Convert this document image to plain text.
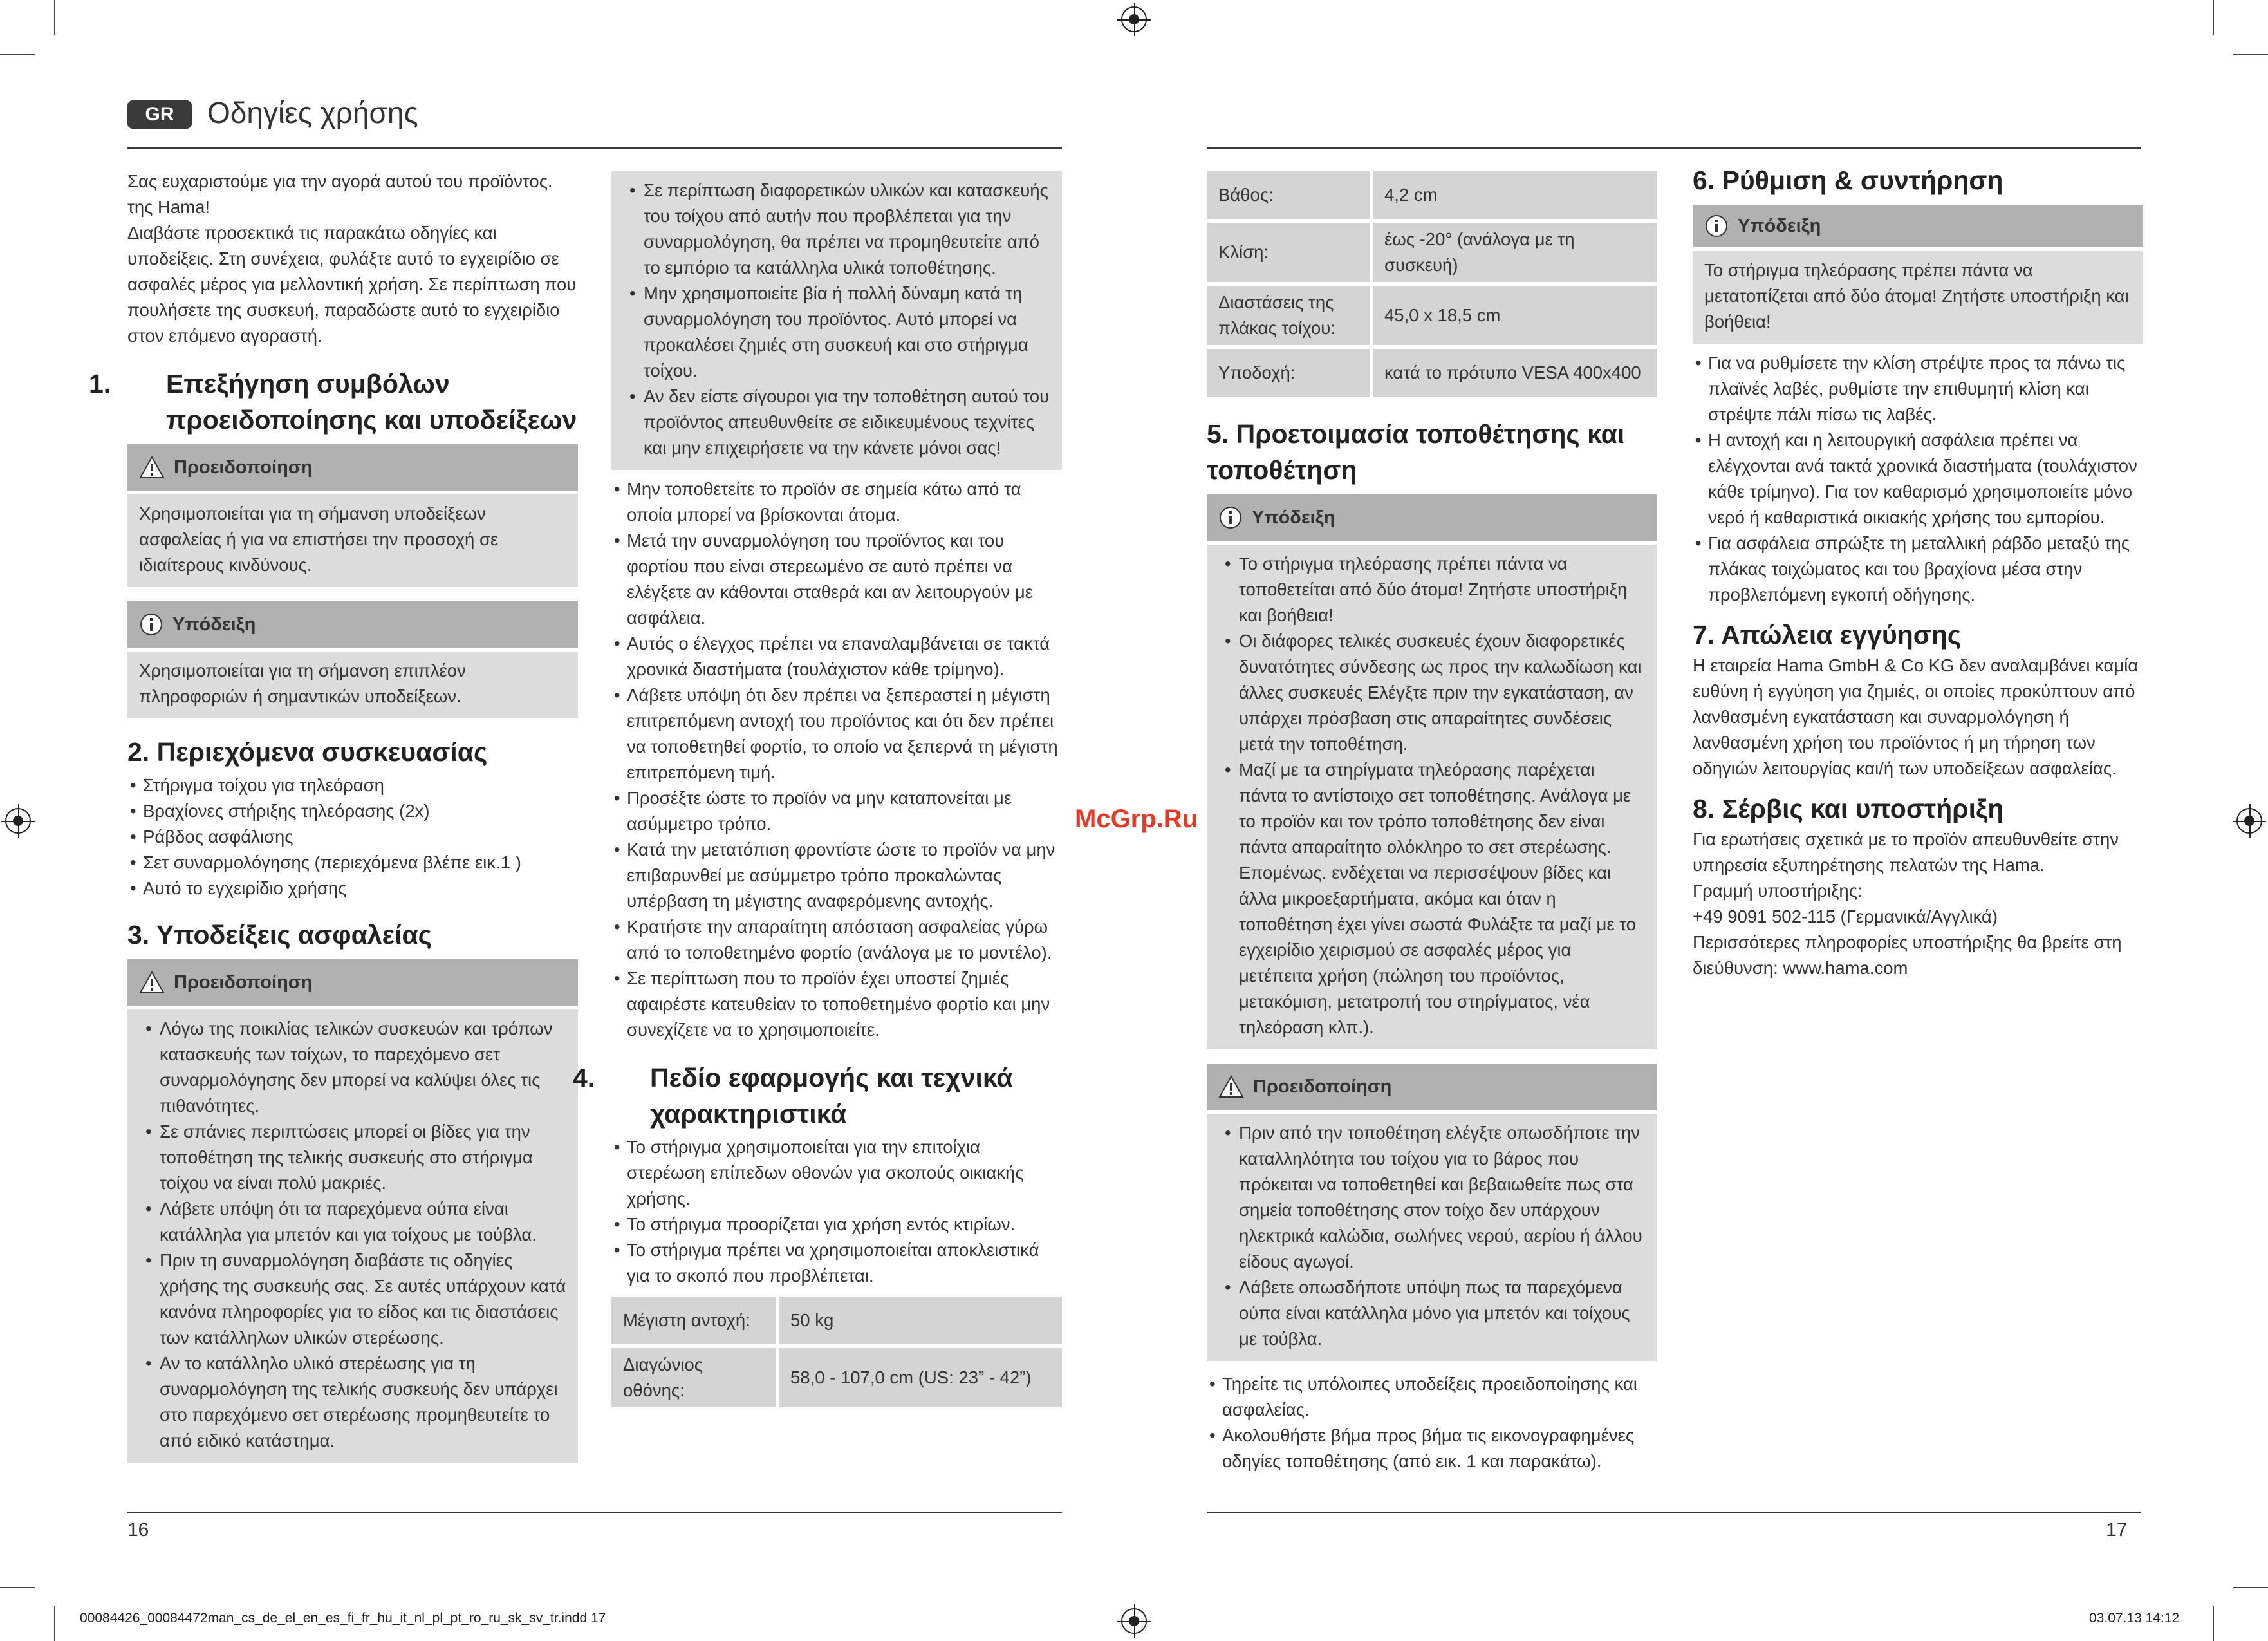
GR	Οδηγίες χρήσης

Σας ευχαριστούμε για την αγορά αυτού του προϊόντος. της Hama!
Διαβάστε προσεκτικά τις παρακάτω οδηγίες και υποδείξεις. Στη συνέχεια, φυλάξτε αυτό το εγχειρίδιο σε ασφαλές μέρος για μελλοντική χρήση. Σε περίπτωση που πουλήσετε της συσκευή, παραδώστε αυτό το εγχειρίδιο στον επόμενο αγοραστή.

1. Επεξήγηση συμβόλων προειδοποίησης και υποδείξεων
Προειδοποίηση

Χρησιμοποιείται για τη σήμανση υποδείξεων ασφαλείας ή για να επιστήσει την προσοχή σε ιδιαίτερους κινδύνους.

Υπόδειξη

Χρησιμοποιείται για τη σήμανση επιπλέον πληροφοριών ή σημαντικών υποδείξεων.

2. Περιεχόμενα συσκευασίας
• Στήριγμα τοίχου για τηλεόραση
• Βραχίονες στήριξης τηλεόρασης (2x)
• Ράβδος ασφάλισης
• Σετ συναρμολόγησης (περιεχόμενα βλέπε εικ.1 )
• Αυτό το εγχειρίδιο χρήσης
3. Υποδείξεις ασφαλείας
Προειδοποίηση
• Λόγω της ποικιλίας τελικών συσκευών και τρόπων κατασκευής των τοίχων, το παρεχόμενο σετ συναρμολόγησης δεν μπορεί να καλύψει όλες τις πιθανότητες.
• Σε σπάνιες περιπτώσεις μπορεί οι βίδες για την τοποθέτηση της τελικής συσκευής στο στήριγμα τοίχου να είναι πολύ μακριές.
• Λάβετε υπόψη ότι τα παρεχόμενα ούπα είναι κατάλληλα για μπετόν και για τοίχους με τούβλα.
• Πριν τη συναρμολόγηση διαβάστε τις οδηγίες χρήσης της συσκευής σας. Σε αυτές υπάρχουν κατά κανόνα πληροφορίες για το είδος και τις διαστάσεις των κατάλληλων υλικών στερέωσης.
• Αν το κατάλληλο υλικό στερέωσης για τη συναρμολόγηση της τελικής συσκευής δεν υπάρχει στο παρεχόμενο σετ στερέωσης προμηθευτείτε το από ειδικό κατάστημα.
• Σε περίπτωση διαφορετικών υλικών και κατασκευής του τοίχου από αυτήν που προβλέπεται για την συναρμολόγηση, θα πρέπει να προμηθευτείτε από το εμπόριο τα κατάλληλα υλικά τοποθέτησης.
• Μην χρησιμοποιείτε βία ή πολλή δύναμη κατά τη συναρμολόγηση του προϊόντος. Αυτό μπορεί να προκαλέσει ζημιές στη συσκευή και στο στήριγμα τοίχου.
• Αν δεν είστε σίγουροι για την τοποθέτηση αυτού του προϊόντος απευθυνθείτε σε ειδικευμένους τεχνίτες και μην επιχειρήσετε να την κάνετε μόνοι σας!
• Μην τοποθετείτε το προϊόν σε σημεία κάτω από τα οποία μπορεί να βρίσκονται άτομα.
• Μετά την συναρμολόγηση του προϊόντος και του φορτίου που είναι στερεωμένο σε αυτό πρέπει να ελέγξετε αν κάθονται σταθερά και αν λειτουργούν με ασφάλεια.
• Αυτός ο έλεγχος πρέπει να επαναλαμβάνεται σε τακτά χρονικά διαστήματα (τουλάχιστον κάθε τρίμηνο).
• Λάβετε υπόψη ότι δεν πρέπει να ξεπεραστεί η μέγιστη επιτρεπόμενη αντοχή του προϊόντος και ότι δεν πρέπει να τοποθετηθεί φορτίο, το οποίο να ξεπερνά τη μέγιστη επιτρεπόμενη τιμή.
• Προσέξτε ώστε το προϊόν να μην καταπονείται με ασύμμετρο τρόπο.
• Κατά την μετατόπιση φροντίστε ώστε το προϊόν να μην επιβαρυνθεί με ασύμμετρο τρόπο προκαλώντας υπέρβαση τη μέγιστης αναφερόμενης αντοχής.
• Κρατήστε την απαραίτητη απόσταση ασφαλείας γύρω από το τοποθετημένο φορτίο (ανάλογα με το μοντέλο).
• Σε περίπτωση που το προϊόν έχει υποστεί ζημιές αφαιρέστε κατευθείαν το τοποθετημένο φορτίο και μην συνεχίζετε να το χρησιμοποιείτε.
4. Πεδίο εφαρμογής και τεχνικά χαρακτηριστικά
• Το στήριγμα χρησιμοποιείται για την επιτοίχια στερέωση επίπεδων οθονών για σκοπούς οικιακής χρήσης.
• Το στήριγμα προορίζεται για χρήση εντός κτιρίων.
• Το στήριγμα πρέπει να χρησιμοποιείται αποκλειστικά για το σκοπό που προβλέπεται.
Μέγιστη αντοχή:	50 kg
Διαγώνιος οθόνης:	58,0 - 107,0 cm (US: 23” - 42”)
16
Βάθος:	4,2 cm
Κλίση:	έως -20° (ανάλογα με τη συσκευή)
Διαστάσεις της πλάκας τοίχου:	45,0 x 18,5 cm
Υποδοχή:	κατά το πρότυπο VESA 400x400
5. Προετοιμασία τοποθέτησης και τοποθέτηση
Υπόδειξη
• Το στήριγμα τηλεόρασης πρέπει πάντα να τοποθετείται από δύο άτομα! Ζητήστε υποστήριξη και βοήθεια!
• Οι διάφορες τελικές συσκευές έχουν διαφορετικές δυνατότητες σύνδεσης ως προς την καλωδίωση και άλλες συσκευές Ελέγξτε πριν την εγκατάσταση, αν υπάρχει πρόσβαση στις απαραίτητες συνδέσεις μετά την τοποθέτηση.
• Μαζί με τα στηρίγματα τηλεόρασης παρέχεται πάντα το αντίστοιχο σετ τοποθέτησης. Ανάλογα με το προϊόν και τον τρόπο τοποθέτησης δεν είναι πάντα απαραίτητο ολόκληρο το σετ στερέωσης. Επομένως. ενδέχεται να περισσέψουν βίδες και άλλα μικροεξαρτήματα, ακόμα και όταν η τοποθέτηση έχει γίνει σωστά Φυλάξτε τα μαζί με το εγχειρίδιο χειρισμού σε ασφαλές μέρος για μετέπειτα χρήση (πώληση του προϊόντος, μετακόμιση, μετατροπή του στηρίγματος, νέα τηλεόραση κλπ.).
Προειδοποίηση
• Πριν από την τοποθέτηση ελέγξτε οπωσδήποτε την καταλληλότητα του τοίχου για το βάρος που πρόκειται να τοποθετηθεί και βεβαιωθείτε πως στα σημεία τοποθέτησης στον τοίχο δεν υπάρχουν ηλεκτρικά καλώδια, σωλήνες νερού, αερίου ή άλλου είδους αγωγοί.
• Λάβετε οπωσδήποτε υπόψη πως τα παρεχόμενα ούπα είναι κατάλληλα μόνο για μπετόν και τοίχους με τούβλα.
• Τηρείτε τις υπόλοιπες υποδείξεις προειδοποίησης και ασφαλείας.
• Ακολουθήστε βήμα προς βήμα τις εικονογραφημένες οδηγίες τοποθέτησης (από εικ. 1 και παρακάτω).
6. Ρύθμιση & συντήρηση
Υπόδειξη

Το στήριγμα τηλεόρασης πρέπει πάντα να μετατοπίζεται από δύο άτομα! Ζητήστε υποστήριξη και βοήθεια!

• Για να ρυθμίσετε την κλίση στρέψτε προς τα πάνω τις πλαϊνές λαβές, ρυθμίστε την επιθυμητή κλίση και στρέψτε πάλι πίσω τις λαβές.
• Η αντοχή και η λειτουργική ασφάλεια πρέπει να ελέγχονται ανά τακτά χρονικά διαστήματα (τουλάχιστον κάθε τρίμηνο). Για τον καθαρισμό χρησιμοποιείτε μόνο νερό ή καθαριστικά οικιακής χρήσης του εμπορίου.
• Για ασφάλεια σπρώξτε τη μεταλλική ράβδο μεταξύ της πλάκας τοιχώματος και του βραχίονα μέσα στην προβλεπόμενη εγκοπή οδήγησης.
7. Απώλεια εγγύησης

Η εταιρεία Hama GmbH & Co KG δεν αναλαμβάνει καμία ευθύνη ή εγγύηση για ζημιές, οι οποίες προκύπτουν από λανθασμένη εγκατάσταση και συναρμολόγηση ή λανθασμένη χρήση του προϊόντος ή μη τήρηση των οδηγιών λειτουργίας και/ή των υποδείξεων ασφαλείας.

8. Σέρβις και υποστήριξη

Για ερωτήσεις σχετικά με το προϊόν απευθυνθείτε στην υπηρεσία εξυπηρέτησης πελατών της Hama.
Γραμμή υποστήριξης:
+49 9091 502-115 (Γερμανικά/Αγγλικά)
Περισσότερες πληροφορίες υποστήριξης θα βρείτε στη διεύθυνση: www.hama.com

17
McGrp.Ru
00084426_00084472man_cs_de_el_en_es_fi_fr_hu_it_nl_pl_pt_ro_ru_sk_sv_tr.indd 17	03.07.13 14:12
